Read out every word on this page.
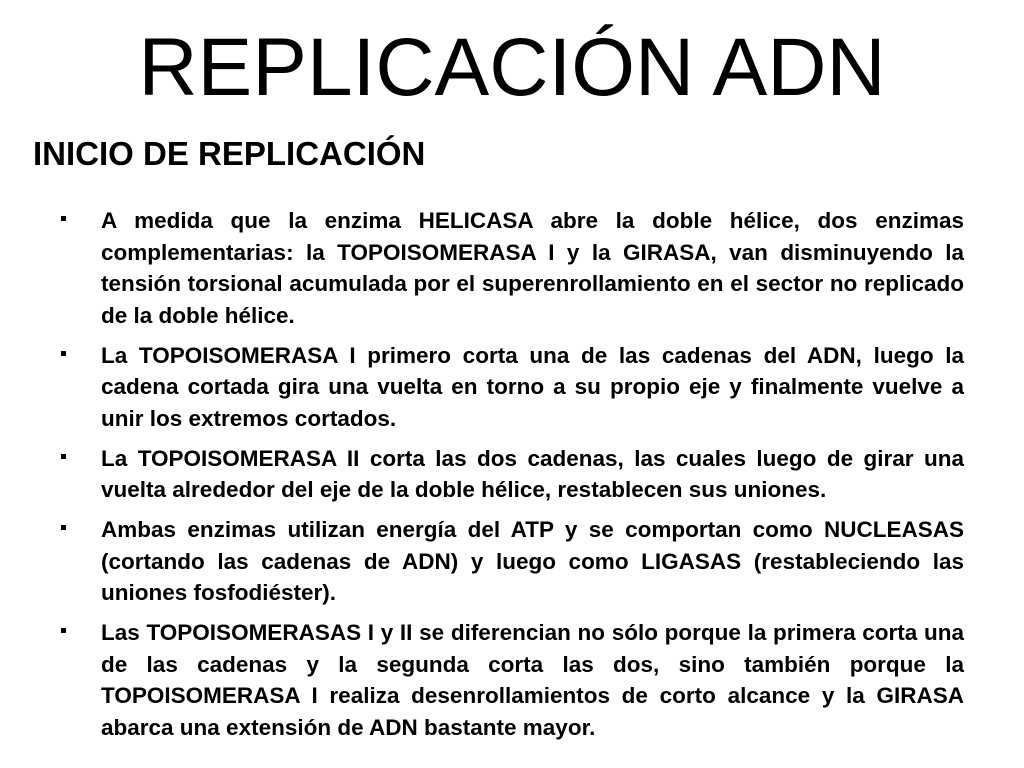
REPLICACIÓN ADN
INICIO DE REPLICACIÓN
A medida que la enzima HELICASA abre la doble hélice, dos enzimas complementarias: la TOPOISOMERASA I y la GIRASA, van disminuyendo la tensión torsional acumulada por el superenrollamiento en el sector no replicado de la doble hélice.
La TOPOISOMERASA I primero corta una de las cadenas del ADN, luego la cadena cortada gira una vuelta en torno a su propio eje y finalmente vuelve a unir los extremos cortados.
La TOPOISOMERASA II corta las dos cadenas, las cuales luego de girar una vuelta alrededor del eje de la doble hélice, restablecen sus uniones.
Ambas enzimas utilizan energía del ATP y se comportan como NUCLEASAS (cortando las cadenas de ADN) y luego como LIGASAS (restableciendo las uniones fosfodiéster).
Las TOPOISOMERASAS I y II se diferencian no sólo porque la primera corta una de las cadenas y la segunda corta las dos, sino también porque la TOPOISOMERASA I realiza desenrollamientos de corto alcance y la GIRASA abarca una extensión de ADN bastante mayor.
